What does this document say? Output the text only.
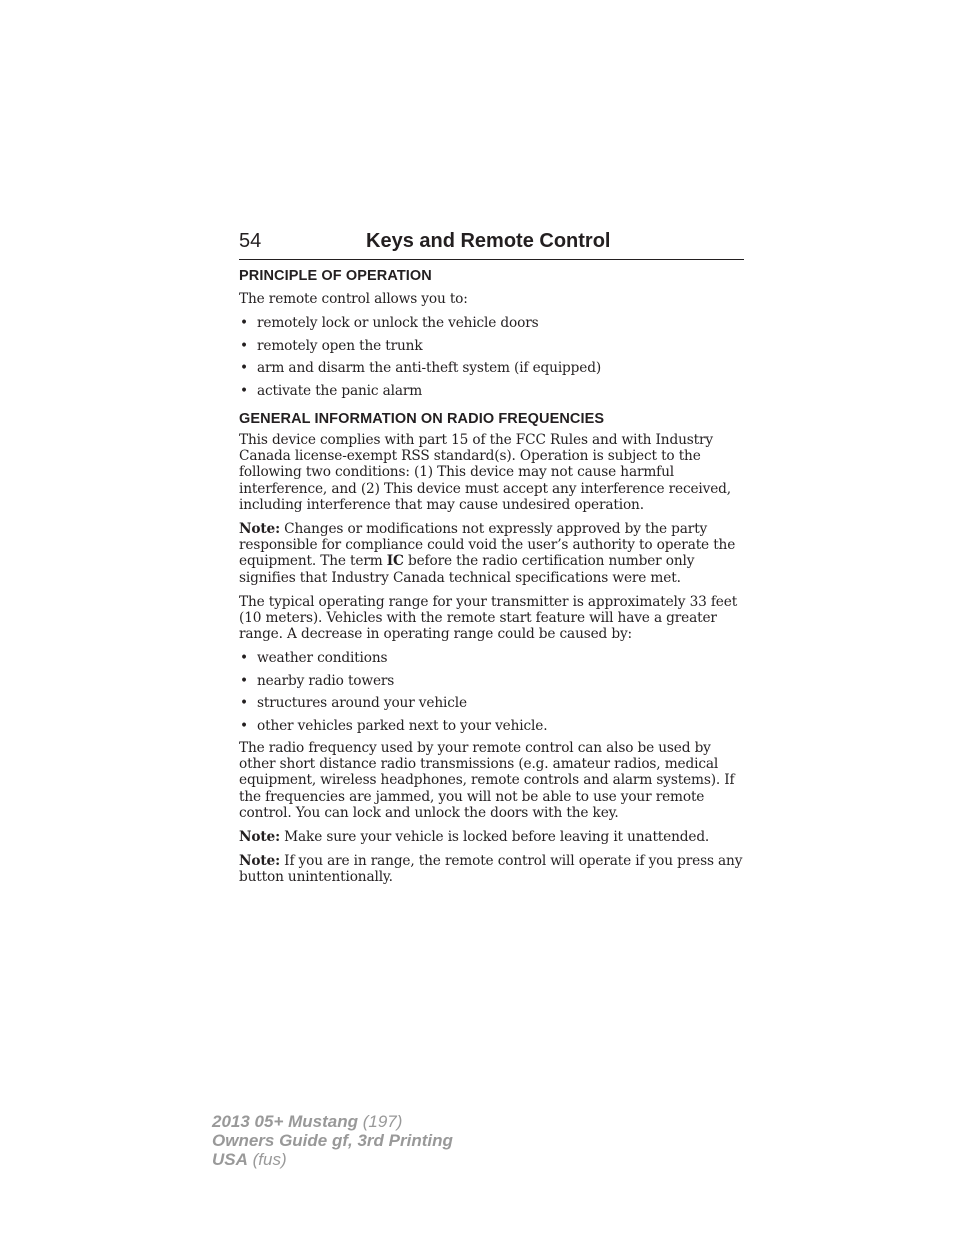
54	Keys and Remote Control
PRINCIPLE OF OPERATION

The remote control allows you to:

• remotely lock or unlock the vehicle doors
• remotely open the trunk
• arm and disarm the anti-theft system (if equipped)
• activate the panic alarm
GENERAL INFORMATION ON RADIO FREQUENCIES

This device complies with part 15 of the FCC Rules and with Industry Canada license-exempt RSS standard(s). Operation is subject to the following two conditions: (1) This device may not cause harmful interference, and (2) This device must accept any interference received, including interference that may cause undesired operation.

Note: Changes or modifications not expressly approved by the party responsible for compliance could void the user’s authority to operate the equipment. The term IC before the radio certification number only signifies that Industry Canada technical specifications were met.

The typical operating range for your transmitter is approximately 33 feet (10 meters). Vehicles with the remote start feature will have a greater range. A decrease in operating range could be caused by:

• weather conditions
• nearby radio towers
• structures around your vehicle
• other vehicles parked next to your vehicle.

The radio frequency used by your remote control can also be used by other short distance radio transmissions (e.g. amateur radios, medical equipment, wireless headphones, remote controls and alarm systems). If the frequencies are jammed, you will not be able to use your remote control. You can lock and unlock the doors with the key.

Note: Make sure your vehicle is locked before leaving it unattended.

Note: If you are in range, the remote control will operate if you press any button unintentionally.

2013 05+ Mustang (197)
Owners Guide gf, 3rd Printing
USA (fus)
